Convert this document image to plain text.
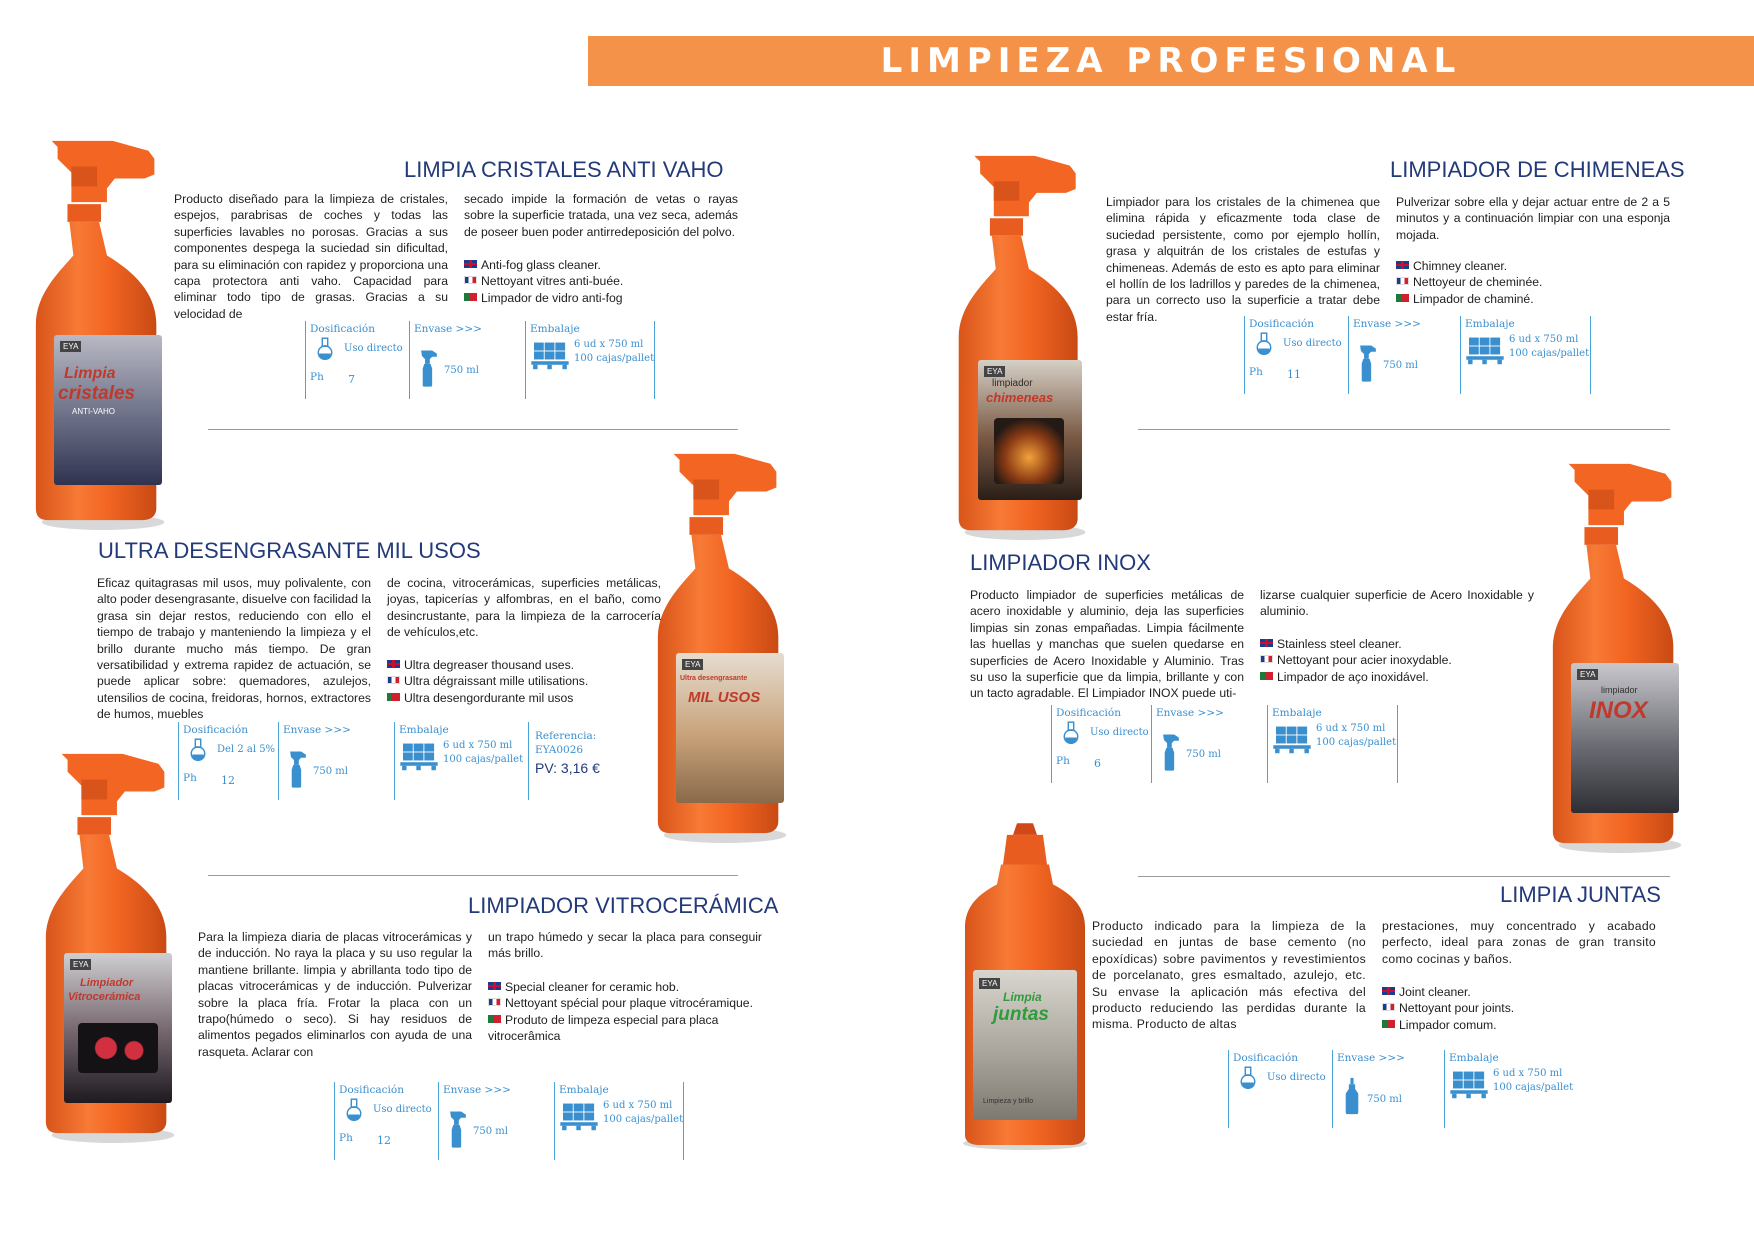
LIMPIEZA PROFESIONAL
EYA
Limpia
cristales
ANTI-VAHO
EYA
limpiador
chimeneas
EYA
Ultra desengrasante
MIL USOS
EYA
limpiador
INOX
EYA
Limpiador
Vitrocerámica
EYA
Limpia
juntas
Limpieza y brillo
LIMPIA CRISTALES ANTI VAHO

Producto diseñado para la limpieza de cristales, espejos, parabrisas de coches y todas las superficies lavables no porosas. Gracias a sus componentes despega la suciedad sin dificultad, para su eliminación con rapidez y proporciona una capa protectora anti vaho. Capacidad para eliminar todo tipo de grasas. Gracias a su velocidad de

secado impide la formación de vetas o rayas sobre la superficie tratada, una vez seca, además de poseer buen poder antirredeposición del polvo.

Anti-fog glass cleaner.
Nettoyant vitres anti-buée.
Limpador de vidro anti-fog
Dosificación
Uso directo
Ph 7
Envase >>>
750 ml
Embalaje
6 ud x 750 ml
100 cajas/pallet
LIMPIADOR DE CHIMENEAS

Limpiador para los cristales de la chimenea que elimina rápida y eficazmente toda clase de suciedad persistente, como por ejemplo hollín, grasa y alquitrán de los cristales de estufas y chimeneas. Además de esto es apto para eliminar el hollín de los ladrillos y paredes de la chimenea, para un correcto uso la superficie a tratar debe estar fría.

Pulverizar sobre ella y dejar actuar entre de 2 a 5 minutos y a continuación limpiar con una esponja mojada.

Chimney cleaner.
Nettoyeur de cheminée.
Limpador de chaminé.
Dosificación
Uso directo
Ph 11
Envase >>>
750 ml
Embalaje
6 ud x 750 ml
100 cajas/pallet
ULTRA DESENGRASANTE MIL USOS

Eficaz quitagrasas mil usos, muy polivalente, con alto poder desengrasante, disuelve con facilidad la grasa sin dejar restos, reduciendo con ello el tiempo de trabajo y manteniendo la limpieza y el brillo durante mucho más tiempo. De gran versatibilidad y extrema rapidez de actuación, se puede aplicar sobre: quemadores, azulejos, utensilios de cocina, freidoras, hornos, extractores de humos, muebles

de cocina, vitrocerámicas, superficies metálicas, joyas, tapicerías y alfombras, en el baño, como desincrustante, para la limpieza de la carrocería de vehículos,etc.

Ultra degreaser thousand uses.
Ultra dégraissant mille utilisations.
Ultra desengordurante mil usos
Dosificación
Del 2 al 5%
Ph 12
Envase >>>
750 ml
Embalaje
6 ud x 750 ml
100 cajas/pallet
Referencia:
EYA0026
PV: 3,16 €
LIMPIADOR INOX

Producto limpiador de superficies metálicas de acero inoxidable y aluminio, deja las superficies limpias sin zonas empañadas. Limpia fácilmente las huellas y manchas que suelen quedarse en superficies de Acero Inoxidable y Aluminio. Tras su uso la superficie que da limpia, brillante y con un tacto agradable. El Limpiador INOX puede uti-

lizarse cualquier superficie de Acero Inoxidable y aluminio.

Stainless steel cleaner.
Nettoyant pour acier inoxydable.
Limpador de aço inoxidável.
Dosificación
Uso directo
Ph 6
Envase >>>
750 ml
Embalaje
6 ud x 750 ml
100 cajas/pallet
LIMPIADOR VITROCERÁMICA

Para la limpieza diaria de placas vitrocerámicas y de inducción. No raya la placa y su uso regular la mantiene brillante. limpia y abrillanta todo tipo de placas vitrocerámicas y de inducción. Pulverizar sobre la placa fría. Frotar la placa con un trapo(húmedo o seco). Si hay residuos de alimentos pegados eliminarlos con ayuda de una rasqueta. Aclarar con

un trapo húmedo y secar la placa para conseguir más brillo.

Special cleaner for ceramic hob.
Nettoyant spécial pour plaque vitrocéramique.
Produto de limpeza especial para placa vitrocerâmica
Dosificación
Uso directo
Ph 12
Envase >>>
750 ml
Embalaje
6 ud x 750 ml
100 cajas/pallet
LIMPIA JUNTAS

Producto indicado para la limpieza de la suciedad en juntas de base cemento (no epoxídicas) sobre pavimentos y revestimientos de porcelanato, gres esmaltado, azulejo, etc. Su envase la aplicación más efectiva del producto reduciendo las perdidas durante la misma. Producto de altas

prestaciones, muy concentrado y acabado perfecto, ideal para zonas de gran transito como cocinas y baños.

Joint cleaner.
Nettoyant pour joints.
Limpador comum.
Dosificación
Uso directo
Envase >>>
750 ml
Embalaje
6 ud x 750 ml
100 cajas/pallet
